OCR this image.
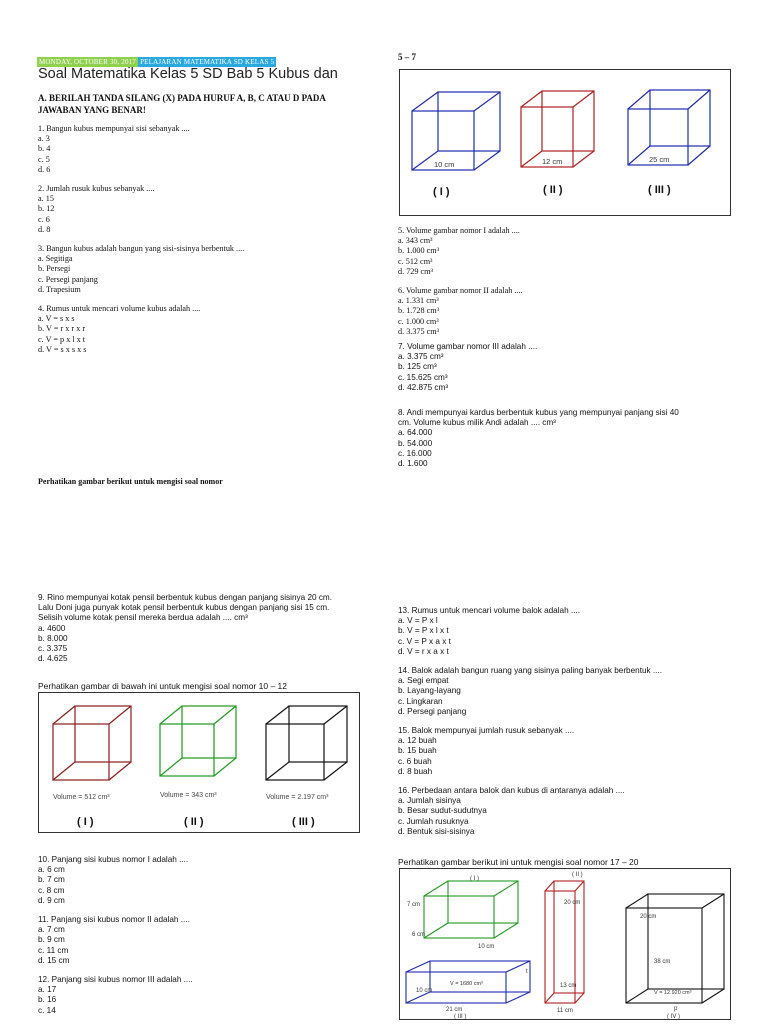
MONDAY, OCTOBER 30, 2017 PELAJARAN MATEMATIKA SD KELAS 5
Soal Matematika Kelas 5 SD Bab 5 Kubus dan
A. BERILAH TANDA SILANG (X) PADA HURUF A, B, C ATAU D PADA JAWABAN YANG BENAR!
1. Bangun kubus mempunyai sisi sebanyak ....
a. 3
b. 4
c. 5
d. 6
2. Jumlah rusuk kubus sebanyak ....
a. 15
b. 12
c. 6
d. 8
3. Bangun kubus adalah bangun yang sisi-sisinya berbentuk ....
a. Segitiga
b. Persegi
c. Persegi panjang
d. Trapesium
4. Rumus untuk mencari volume kubus adalah ....
a. V = s x s
b. V = r x r x r
c. V = p x l x t
d. V = s x s x s
Perhatikan gambar berikut untuk mengisi soal nomor
5 – 7
10 cm	12 cm	25 cm
( I )	( II )	( III )
5. Volume gambar nomor I adalah ....
a. 343 cm³
b. 1.000 cm³
c. 512 cm³
d. 729 cm³
6. Volume gambar nomor II adalah ....
a. 1.331 cm³
b. 1.728 cm³
c. 1.000 cm³
d. 3.375 cm³
7. Volume gambar nomor III adalah ....
a. 3.375 cm³
b. 125 cm³
c. 15.625 cm³
d. 42.875 cm³
8. Andi mempunyai kardus berbentuk kubus yang mempunyai panjang sisi 40
cm. Volume kubus milik Andi adalah .... cm³
a. 64.000
b. 54.000
c. 16.000
d. 1.600
9. Rino mempunyai kotak pensil berbentuk kubus dengan panjang sisinya 20 cm.
Lalu Doni juga punyak kotak pensil berbentuk kubus dengan panjang sisi 15 cm.
Selisih volume kotak pensil mereka berdua adalah .... cm³
a. 4600
b. 8.000
c. 3.375
d. 4.625
Perhatikan gambar di bawah ini untuk mengisi soal nomor 10 – 12
Volume = 512 cm³	Volume = 343 cm³	Volume = 2.197 cm³
( I )	( II )	( III )
10. Panjang sisi kubus nomor I adalah ....
a. 6 cm
b. 7 cm
c. 8 cm
d. 9 cm
11. Panjang sisi kubus nomor II adalah ....
a. 7 cm
b. 9 cm
c. 11 cm
d. 15 cm
12. Panjang sisi kubus nomor III adalah ....
a. 17
b. 16
c. 14
13. Rumus untuk mencari volume balok adalah ....
a. V = P x l
b. V = P x l x t
c. V = P x a x t
d. V = r x a x t
14. Balok adalah bangun ruang yang sisinya paling banyak berbentuk ....
a. Segi empat
b. Layang-layang
c. Lingkaran
d. Persegi panjang
15. Balok mempunyai jumlah rusuk sebanyak ....
a. 12 buah
b. 15 buah
c. 6 buah
d. 8 buah
16. Perbedaan antara balok dan kubus di antaranya adalah ....
a. Jumlah sisinya
b. Besar sudut-sudutnya
c. Jumlah rusuknya
d. Bentuk sisi-sisinya
Perhatikan gambar berikut ini untuk mengisi soal nomor 17 – 20
( I )
7 cm
6 cm
10 cm
( II )
20 cm
13 cm
11 cm
V = 1680 cm³
10 cm
21 cm
t
( III )
20 cm
38 cm
V = 12.920 cm³
p
( IV )
